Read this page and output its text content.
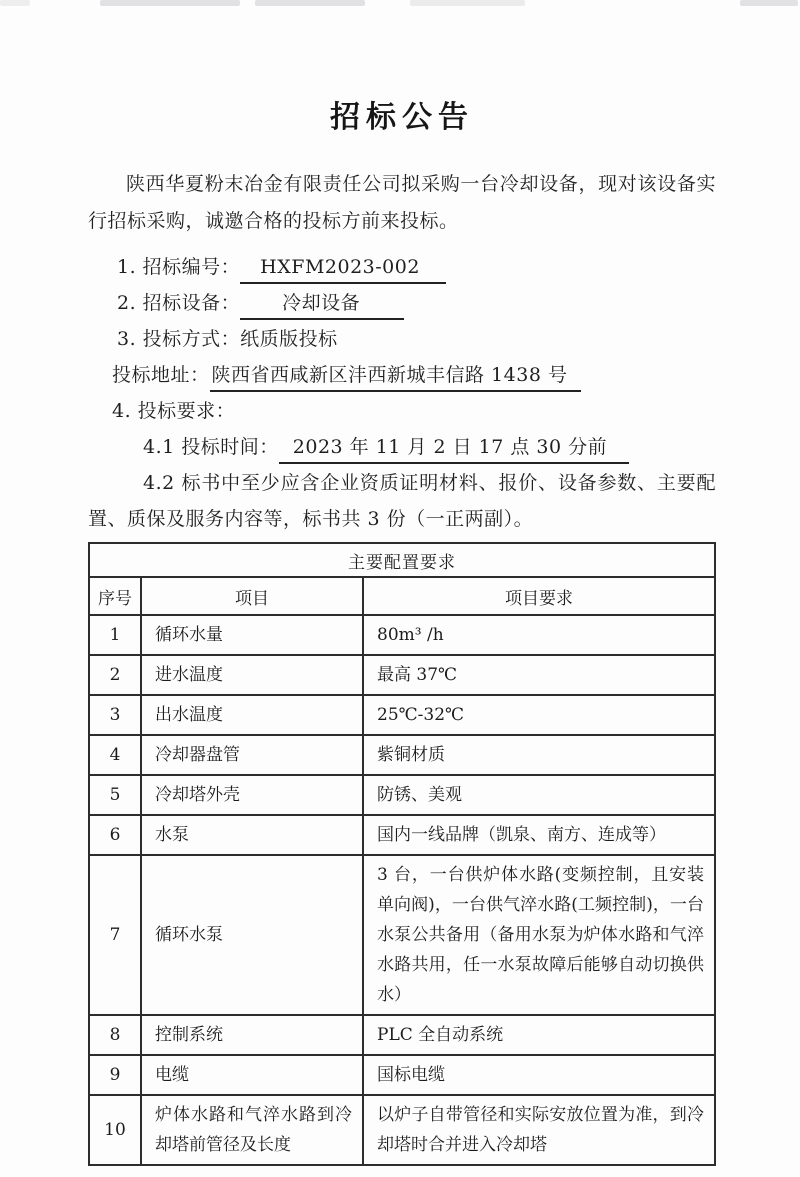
招标公告

陕西华夏粉末冶金有限责任公司拟采购一台冷却设备，现对该设备实行招标采购，诚邀合格的投标方前来投标。

1. 招标编号： HXFM2023-002
2. 招标设备： 冷却设备
3. 投标方式：纸质版投标
投标地址： 陕西省西咸新区沣西新城丰信路 1438 号
4. 投标要求：
4.1 投标时间： 2023 年 11 月 2 日 17 点 30 分前

4.2 标书中至少应含企业资质证明材料、报价、设备参数、主要配置、质保及服务内容等，标书共 3 份（一正两副）。

主要配置要求		
序号	项目	项目要求
1	循环水量	80m³ /h
2	进水温度	最高 37℃
3	出水温度	25℃-32℃
4	冷却器盘管	紫铜材质
5	冷却塔外壳	防锈、美观
6	水泵	国内一线品牌（凯泉、南方、连成等）
7	循环水泵	3 台，一台供炉体水路(变频控制，且安装单向阀)，一台供气淬水路(工频控制)，一台水泵公共备用（备用水泵为炉体水路和气淬水路共用，任一水泵故障后能够自动切换供水）
8	控制系统	PLC 全自动系统
9	电缆	国标电缆
10	炉体水路和气淬水路到冷却塔前管径及长度	以炉子自带管径和实际安放位置为准，到冷却塔时合并进入冷却塔
